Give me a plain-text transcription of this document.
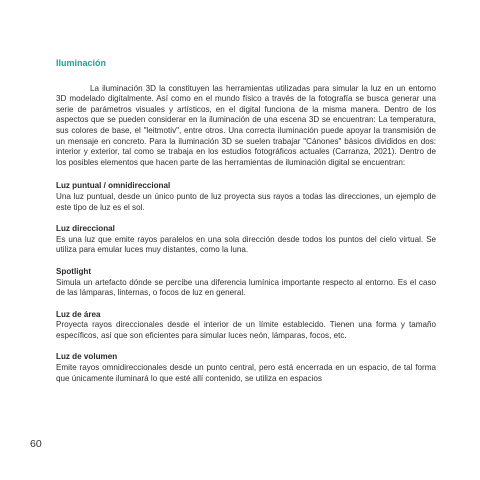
Iluminación

La iluminación 3D la constituyen las herramientas utilizadas para simular la luz en un entorno 3D modelado digitalmente. Así como en el mundo físico a través de la fotografía se busca generar una serie de parámetros visuales y artísticos, en el digital funciona de la misma manera. Dentro de los aspectos que se pueden considerar en la iluminación de una escena 3D se encuentran: La temperatura, sus colores de base, el "leitmotiv", entre otros. Una correcta iluminación puede apoyar la transmisión de un mensaje en concreto. Para la iluminación 3D se suelen trabajar "Cánones" básicos divididos en dos: interior y exterior, tal como se trabaja en los estudios fotográficos actuales (Carranza, 2021). Dentro de los posibles elementos que hacen parte de las herramientas de iluminación digital se encuentran:

Luz puntual / omnidireccional

Una luz puntual, desde un único punto de luz proyecta sus rayos a todas las direcciones, un ejemplo de este tipo de luz es el sol.

Luz direccional

Es una luz que emite rayos paralelos en una sola dirección desde todos los puntos del cielo virtual. Se utiliza para emular luces muy distantes, como la luna.

Spotlight

Simula un artefacto dónde se percibe una diferencia lumínica importante respecto al entorno. Es el caso de las lámparas, linternas, o focos de luz en general.

Luz de área

Proyecta rayos direccionales desde el interior de un límite establecido. Tienen una forma y tamaño específicos, así que son eficientes para simular luces neón, lámparas, focos, etc.

Luz de volumen

Emite rayos omnidireccionales desde un punto central, pero está encerrada en un espacio, de tal forma que únicamente iluminará lo que esté allí contenido, se utiliza en espacios

60
